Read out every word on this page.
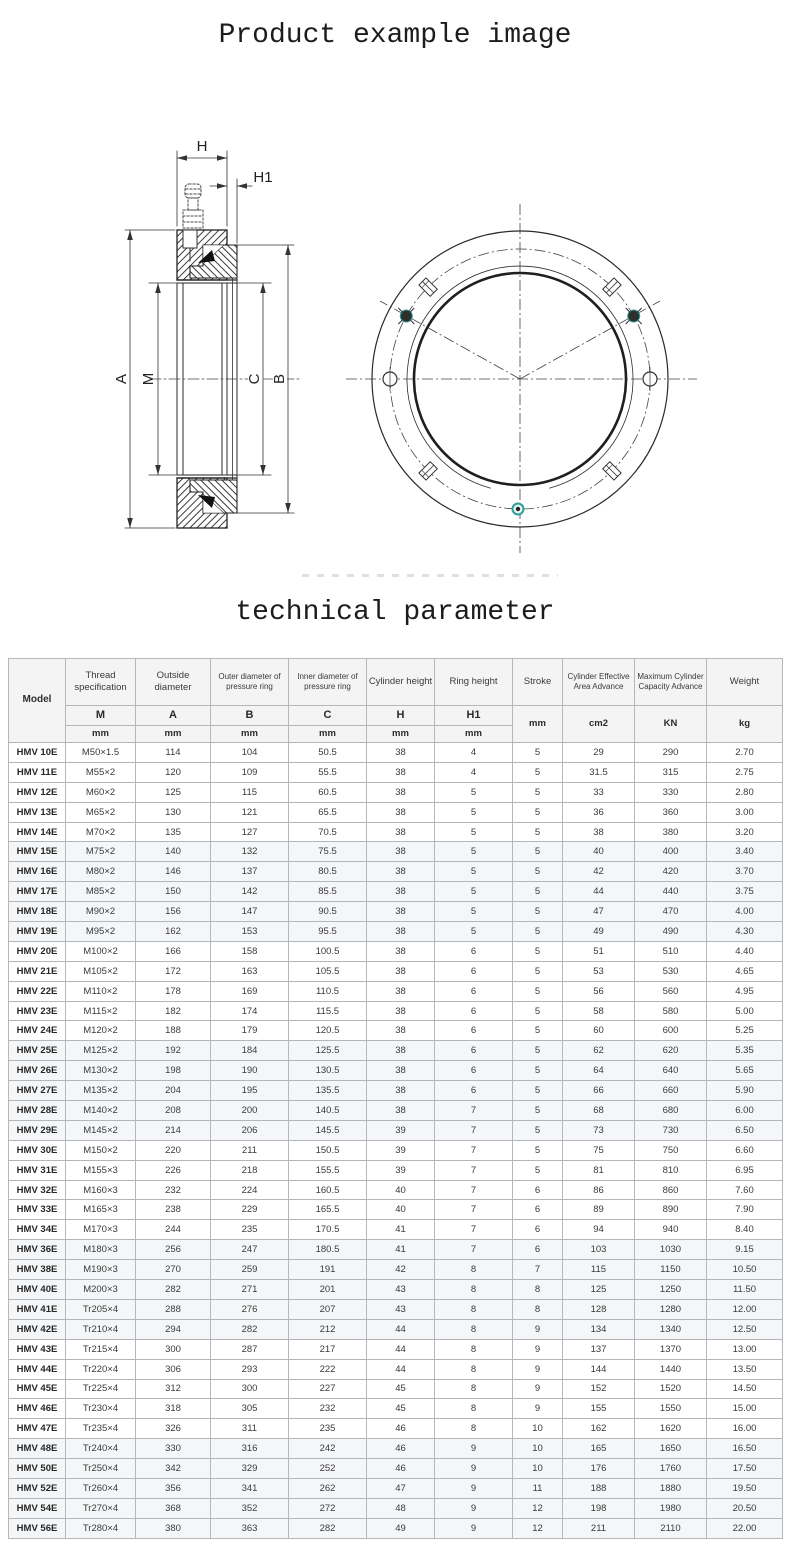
Product example image
H
H1
A M	C B
technical parameter
Model	Thread specification	Outside diameter	Outer diameter of pressure ring	Inner diameter of pressure ring	Cylinder height	Ring height	Stroke	Cylinder Effective Area Advance	Maximum Cylinder Capacity Advance	Weight
	M	A	B	C	H	H1	mm	cm2	KN	kg
	mm	mm	mm	mm	mm	mm				
HMV 10E	M50×1.5	114	104	50.5	38	4	5	29	290	2.70
HMV 11E	M55×2	120	109	55.5	38	4	5	31.5	315	2.75
HMV 12E	M60×2	125	115	60.5	38	5	5	33	330	2.80
HMV 13E	M65×2	130	121	65.5	38	5	5	36	360	3.00
HMV 14E	M70×2	135	127	70.5	38	5	5	38	380	3.20
HMV 15E	M75×2	140	132	75.5	38	5	5	40	400	3.40
HMV 16E	M80×2	146	137	80.5	38	5	5	42	420	3.70
HMV 17E	M85×2	150	142	85.5	38	5	5	44	440	3.75
HMV 18E	M90×2	156	147	90.5	38	5	5	47	470	4.00
HMV 19E	M95×2	162	153	95.5	38	5	5	49	490	4.30
HMV 20E	M100×2	166	158	100.5	38	6	5	51	510	4.40
HMV 21E	M105×2	172	163	105.5	38	6	5	53	530	4.65
HMV 22E	M110×2	178	169	110.5	38	6	5	56	560	4.95
HMV 23E	M115×2	182	174	115.5	38	6	5	58	580	5.00
HMV 24E	M120×2	188	179	120.5	38	6	5	60	600	5.25
HMV 25E	M125×2	192	184	125.5	38	6	5	62	620	5.35
HMV 26E	M130×2	198	190	130.5	38	6	5	64	640	5.65
HMV 27E	M135×2	204	195	135.5	38	6	5	66	660	5.90
HMV 28E	M140×2	208	200	140.5	38	7	5	68	680	6.00
HMV 29E	M145×2	214	206	145.5	39	7	5	73	730	6.50
HMV 30E	M150×2	220	211	150.5	39	7	5	75	750	6.60
HMV 31E	M155×3	226	218	155.5	39	7	5	81	810	6.95
HMV 32E	M160×3	232	224	160.5	40	7	6	86	860	7.60
HMV 33E	M165×3	238	229	165.5	40	7	6	89	890	7.90
HMV 34E	M170×3	244	235	170.5	41	7	6	94	940	8.40
HMV 36E	M180×3	256	247	180.5	41	7	6	103	1030	9.15
HMV 38E	M190×3	270	259	191	42	8	7	115	1150	10.50
HMV 40E	M200×3	282	271	201	43	8	8	125	1250	11.50
HMV 41E	Tr205×4	288	276	207	43	8	8	128	1280	12.00
HMV 42E	Tr210×4	294	282	212	44	8	9	134	1340	12.50
HMV 43E	Tr215×4	300	287	217	44	8	9	137	1370	13.00
HMV 44E	Tr220×4	306	293	222	44	8	9	144	1440	13.50
HMV 45E	Tr225×4	312	300	227	45	8	9	152	1520	14.50
HMV 46E	Tr230×4	318	305	232	45	8	9	155	1550	15.00
HMV 47E	Tr235×4	326	311	235	46	8	10	162	1620	16.00
HMV 48E	Tr240×4	330	316	242	46	9	10	165	1650	16.50
HMV 50E	Tr250×4	342	329	252	46	9	10	176	1760	17.50
HMV 52E	Tr260×4	356	341	262	47	9	11	188	1880	19.50
HMV 54E	Tr270×4	368	352	272	48	9	12	198	1980	20.50
HMV 56E	Tr280×4	380	363	282	49	9	12	211	2110	22.00
